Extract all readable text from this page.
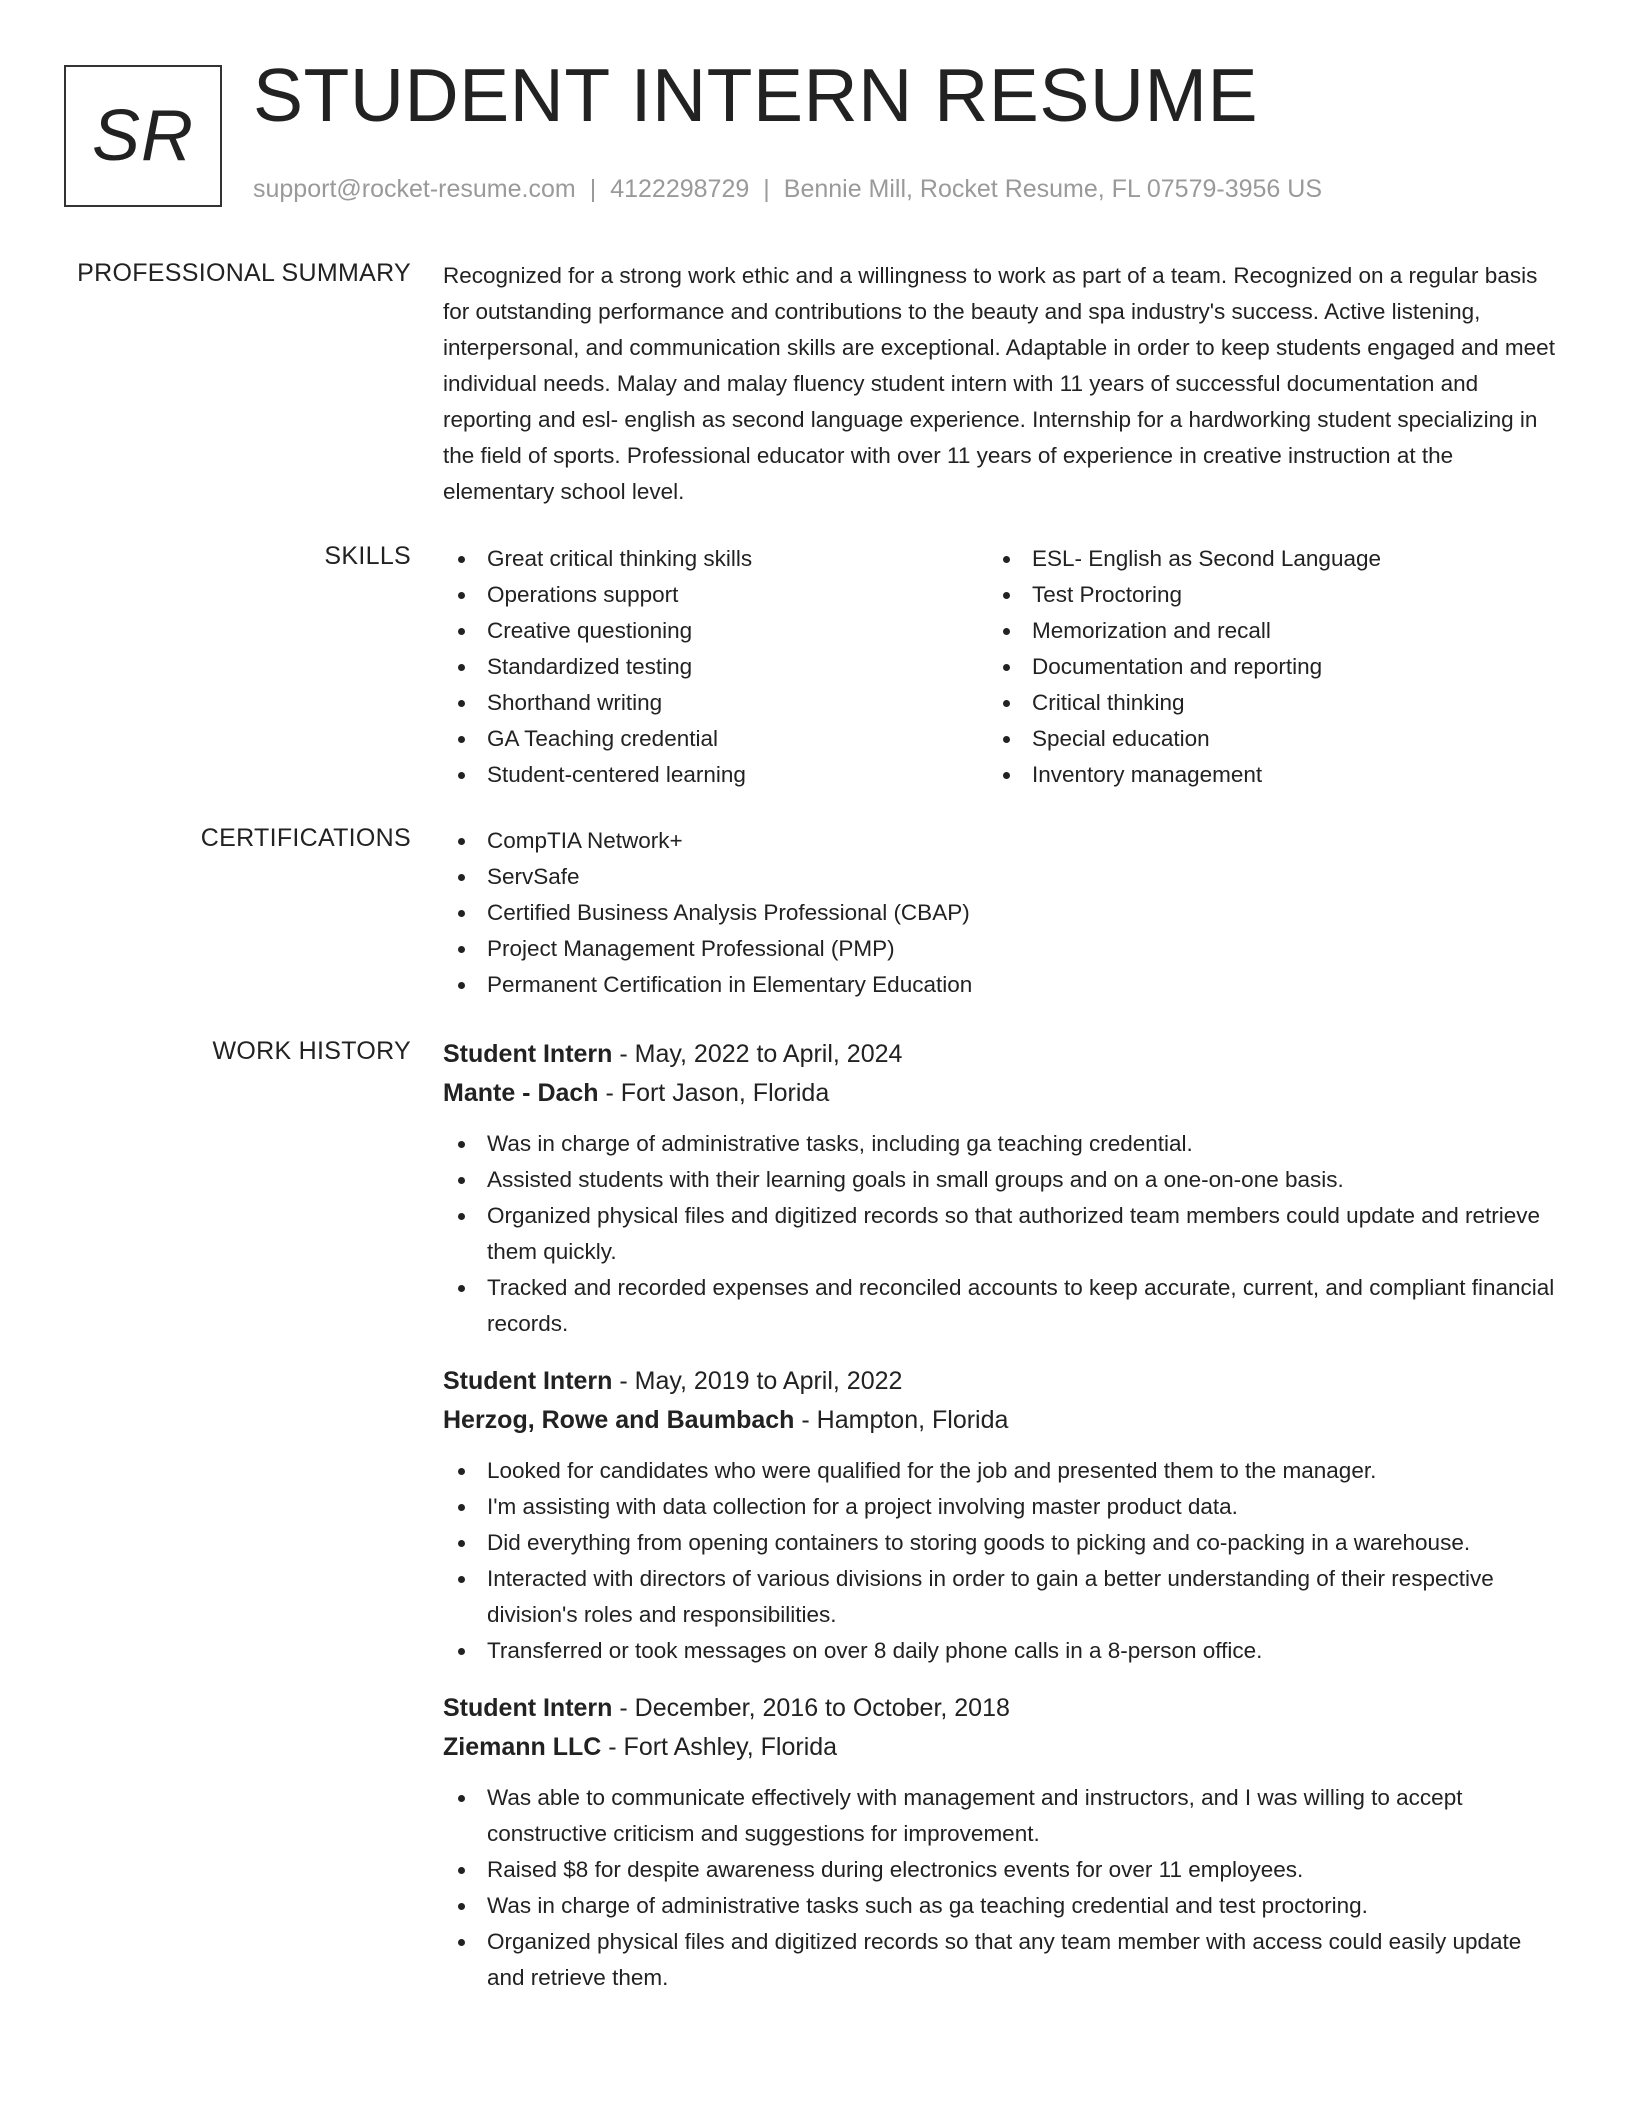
SR STUDENT INTERN RESUME
support@rocket-resume.com | 4122298729 | Bennie Mill, Rocket Resume, FL 07579-3956 US
PROFESSIONAL SUMMARY Recognized for a strong work ethic and a willingness to work as part of a team. Recognized on a regular basis for outstanding performance and contributions to the beauty and spa industry's success. Active listening, interpersonal, and communication skills are exceptional. Adaptable in order to keep students engaged and meet individual needs. Malay and malay fluency student intern with 11 years of successful documentation and reporting and esl- english as second language experience. Internship for a hardworking student specializing in the field of sports. Professional educator with over 11 years of experience in creative instruction at the elementary school level.

SKILLS	Great critical thinking skills
Operations support
Creative questioning
Standardized testing
Shorthand writing
GA Teaching credential
Student-centered learning
ESL- English as Second Language
Test Proctoring
Memorization and recall
Documentation and reporting
Critical thinking
Special education
Inventory management
CERTIFICATIONS	CompTIA Network+
ServSafe
Certified Business Analysis Professional (CBAP)
Project Management Professional (PMP)
Permanent Certification in Elementary Education
WORK HISTORY Student Intern - May, 2022 to April, 2024
Mante - Dach - Fort Jason, Florida
Was in charge of administrative tasks, including ga teaching credential.
Assisted students with their learning goals in small groups and on a one-on-one basis.
Organized physical files and digitized records so that authorized team members could update and retrieve them quickly.
Tracked and recorded expenses and reconciled accounts to keep accurate, current, and compliant financial records.
Student Intern - May, 2019 to April, 2022
Herzog, Rowe and Baumbach - Hampton, Florida
Looked for candidates who were qualified for the job and presented them to the manager.
I'm assisting with data collection for a project involving master product data.
Did everything from opening containers to storing goods to picking and co-packing in a warehouse.
Interacted with directors of various divisions in order to gain a better understanding of their respective division's roles and responsibilities.
Transferred or took messages on over 8 daily phone calls in a 8-person office.
Student Intern - December, 2016 to October, 2018
Ziemann LLC - Fort Ashley, Florida
Was able to communicate effectively with management and instructors, and I was willing to accept constructive criticism and suggestions for improvement.
Raised $8 for despite awareness during electronics events for over 11 employees.
Was in charge of administrative tasks such as ga teaching credential and test proctoring.
Organized physical files and digitized records so that any team member with access could easily update and retrieve them.
